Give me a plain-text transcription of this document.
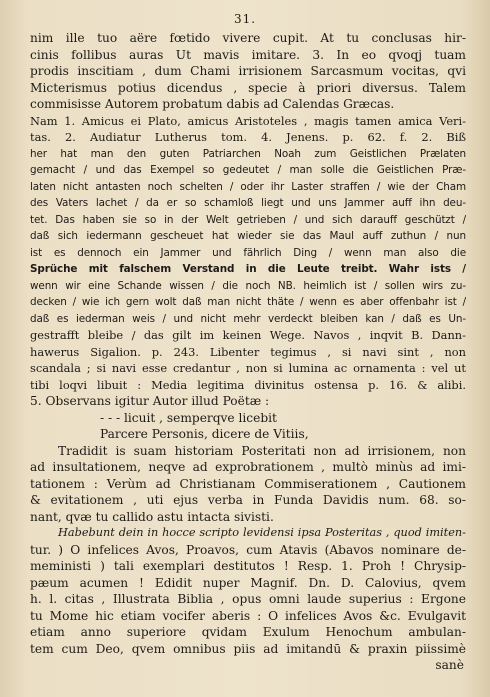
31.
nim ille tuo aëre fœtido vivere cupit. At tu conclusas hir-
cinis follibus auras Ut mavis imitare. 3. In eo qvoqj tuam
prodis inscitiam , dum Chami irrisionem Sarcasmum vocitas, qvi
Micterismus potius dicendus , specie à priori diversus. Talem
commisisse Autorem probatum dabis ad Calendas Græcas.
Nam 1. Amicus ei Plato, amicus Aristoteles , magis tamen amica Veri-
tas. 2. Audiatur Lutherus tom. 4. Jenens. p. 62. f. 2. Biß
her hat man den guten Patriarchen Noah zum Geistlichen Prælaten
gemacht / und das Exempel so gedeutet / man solle die Geistlichen Præ-
laten nicht antasten noch schelten / oder ihr Laster straffen / wie der Cham
des Vaters lachet / da er so schamloß liegt und uns Jammer auff ihn deu-
tet. Das haben sie so in der Welt getrieben / und sich darauff geschützt /
daß sich iedermann gescheuet hat wieder sie das Maul auff zuthun / nun
ist es dennoch ein Jammer und fährlich Ding / wenn man also die
Sprüche mit falschem Verstand in die Leute treibt. Wahr ists /
wenn wir eine Schande wissen / die noch NB. heimlich ist / sollen wirs zu-
decken / wie ich gern wolt daß man nicht thäte / wenn es aber offenbahr ist /
daß es iederman weis / und nicht mehr verdeckt bleiben kan / daß es Un-
gestrafft bleibe / das gilt im keinen Wege. Navos , inqvit B. Dann-
hawerus Sigalion. p. 243. Libenter tegimus , si navi sint , non
scandala ; si navi esse credantur , non si lumina ac ornamenta : vel ut
tibi loqvi libuit : Media legitima divinitus ostensa p. 16. & alibi.
5. Observans igitur Autor illud Poëtæ :
- - - licuit , semperqve licebit
Parcere Personis, dicere de Vitiis,
Tradidit is suam historiam Posteritati non ad irrisionem, non
ad insultationem, neqve ad exprobrationem , multò minùs ad imi-
tationem : Verùm ad Christianam Commiserationem , Cautionem
& evitationem , uti ejus verba in Funda Davidis num. 68. so-
nant, qvæ tu callido astu intacta sivisti.
Habebunt dein in hocce scripto levidensi ipsa Posteritas , quod imiten-
tur. ) O infelices Avos, Proavos, cum Atavis (Abavos nominare de-
meministi ) tali exemplari destitutos ! Resp. 1. Proh ! Chrysip-
pæum acumen ! Edidit nuper Magnif. Dn. D. Calovius, qvem
h. l. citas , Illustrata Biblia , opus omni laude superius : Ergone
tu Mome hic etiam vocifer aberis : O infelices Avos &c. Evulgavit
etiam anno superiore qvidam Exulum Henochum ambulan-
tem cum Deo, qvem omnibus piis ad imitandū & praxin piissimè
sanè
